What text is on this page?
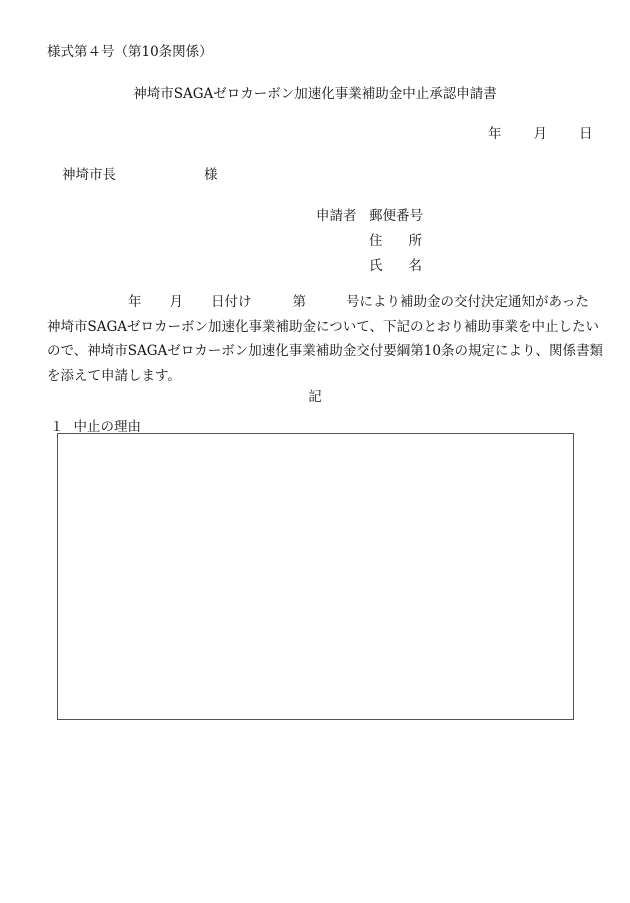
様式第４号（第10条関係）
神埼市SAGAゼロカーボン加速化事業補助金中止承認申請書
年 月 日
神埼市長	様
申請者 郵便番号
住 所
氏 名
年 月 日付け	第	号により補助金の交付決定通知があった
神埼市SAGAゼロカーボン加速化事業補助金について、下記のとおり補助事業を中止したい
ので、神埼市SAGAゼロカーボン加速化事業補助金交付要綱第10条の規定により、関係書類
を添えて申請します。
記
１ 中止の理由
